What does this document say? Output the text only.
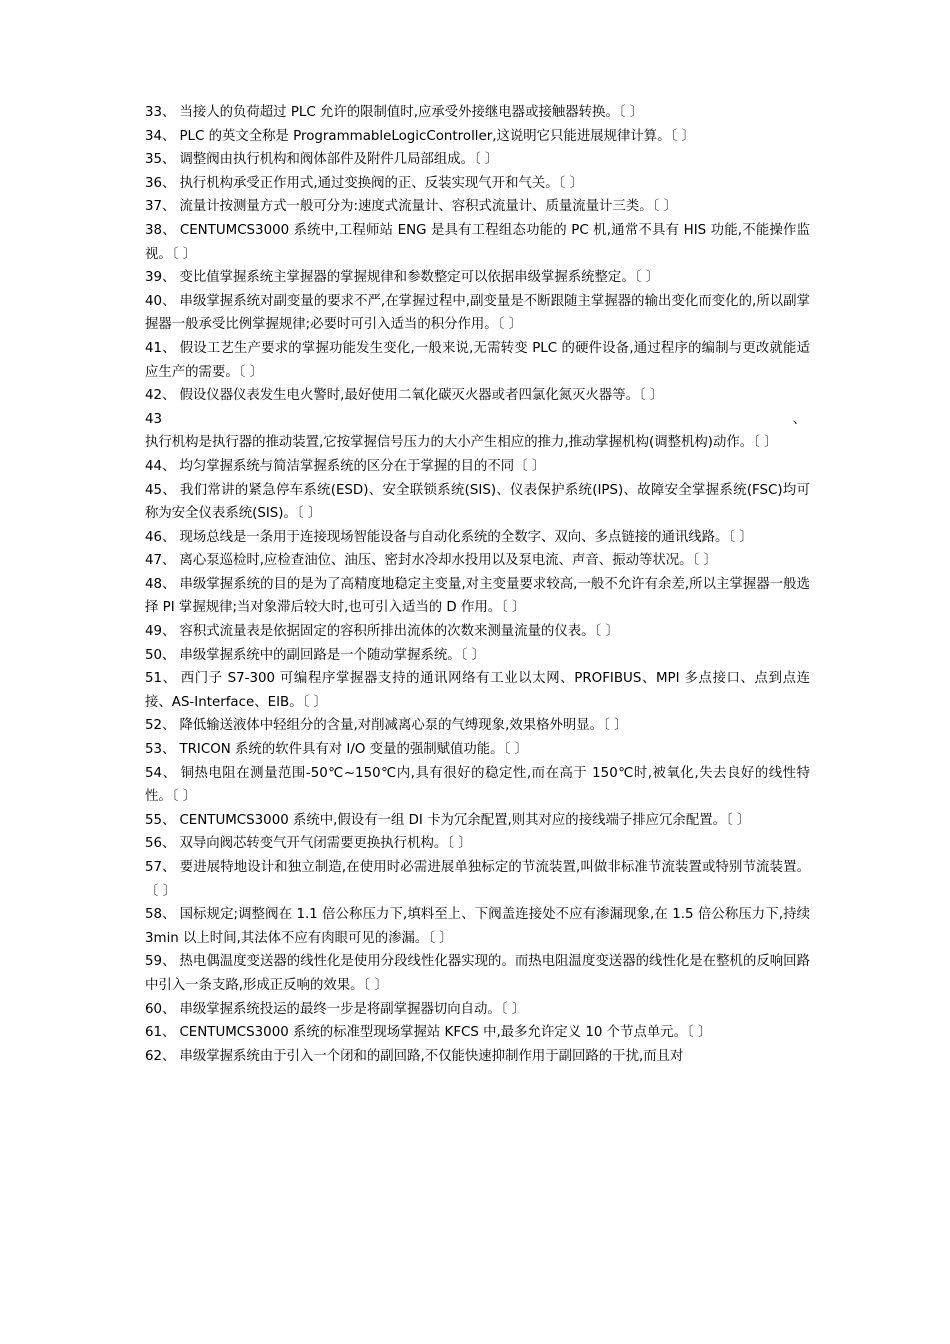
33、 当接人的负荷超过 PLC 允许的限制值时,应承受外接继电器或接触器转换。〔 〕

34、 PLC 的英文全称是 ProgrammableLogicController,这说明它只能进展规律计算。〔 〕

35、 调整阀由执行机构和阀体部件及附件几局部组成。〔 〕

36、 执行机构承受正作用式,通过变换阀的正、反装实现气开和气关。〔 〕

37、 流量计按测量方式一般可分为:速度式流量计、容积式流量计、质量流量计三类。〔 〕

38、 CENTUMCS3000 系统中,工程师站 ENG 是具有工程组态功能的 PC 机,通常不具有 HIS 功能,不能操作监视。〔 〕

39、 变比值掌握系统主掌握器的掌握规律和参数整定可以依据串级掌握系统整定。〔 〕

40、 串级掌握系统对副变量的要求不严,在掌握过程中,副变量是不断跟随主掌握器的输出变化而变化的,所以副掌握器一般承受比例掌握规律;必要时可引入适当的积分作用。〔 〕

41、 假设工艺生产要求的掌握功能发生变化,一般来说,无需转变 PLC 的硬件设备,通过程序的编制与更改就能适应生产的需要。〔 〕

42、 假设仪器仪表发生电火警时,最好使用二氧化碳灭火器或者四氯化氮灭火器等。〔 〕

43、执行机构是执行器的推动装置,它按掌握信号压力的大小产生相应的推力,推动掌握机构(调整机构)动作。〔 〕

44、 均匀掌握系统与简洁掌握系统的区分在于掌握的目的不同〔 〕

45、 我们常讲的紧急停车系统(ESD)、安全联锁系统(SIS)、仪表保护系统(IPS)、故障安全掌握系统(FSC)均可称为安全仪表系统(SIS)。〔 〕

46、 现场总线是一条用于连接现场智能设备与自动化系统的全数字、双向、多点链接的通讯线路。〔 〕

47、 离心泵巡检时,应检查油位、油压、密封水冷却水投用以及泵电流、声音、振动等状况。〔 〕

48、 串级掌握系统的目的是为了高精度地稳定主变量,对主变量要求较高,一般不允许有余差,所以主掌握器一般选择 PI 掌握规律;当对象滞后较大时,也可引入适当的 D 作用。〔 〕

49、 容积式流量表是依据固定的容积所排出流体的次数来测量流量的仪表。〔 〕

50、 串级掌握系统中的副回路是一个随动掌握系统。〔 〕

51、 西门子 S7-300 可编程序掌握器支持的通讯网络有工业以太网、PROFIBUS、MPI 多点接口、点到点连接、AS-Interface、EIB。〔 〕

52、 降低输送液体中轻组分的含量,对削减离心泵的气缚现象,效果格外明显。〔 〕

53、 TRICON 系统的软件具有对 I/O 变量的强制赋值功能。〔 〕

54、 铜热电阻在测量范围-50℃~150℃内,具有很好的稳定性,而在高于 150℃时,被氧化,失去良好的线性特性。〔 〕

55、 CENTUMCS3000 系统中,假设有一组 DI 卡为冗余配置,则其对应的接线端子排应冗余配置。〔 〕

56、 双导向阀芯转变气开气闭需要更换执行机构。〔 〕

57、 要进展特地设计和独立制造,在使用时必需进展单独标定的节流装置,叫做非标准节流装置或特别节流装置。〔 〕

58、 国标规定;调整阀在 1.1 倍公称压力下,填料至上、下阀盖连接处不应有渗漏现象,在 1.5 倍公称压力下,持续 3min 以上时间,其法体不应有肉眼可见的渗漏。〔 〕

59、 热电偶温度变送器的线性化是使用分段线性化器实现的。而热电阻温度变送器的线性化是在整机的反响回路中引入一条支路,形成正反响的效果。〔 〕

60、 串级掌握系统投运的最终一步是将副掌握器切向自动。〔 〕

61、 CENTUMCS3000 系统的标准型现场掌握站 KFCS 中,最多允许定义 10 个节点单元。〔 〕

62、 串级掌握系统由于引入一个闭和的副回路,不仅能快速抑制作用于副回路的干扰,而且对
